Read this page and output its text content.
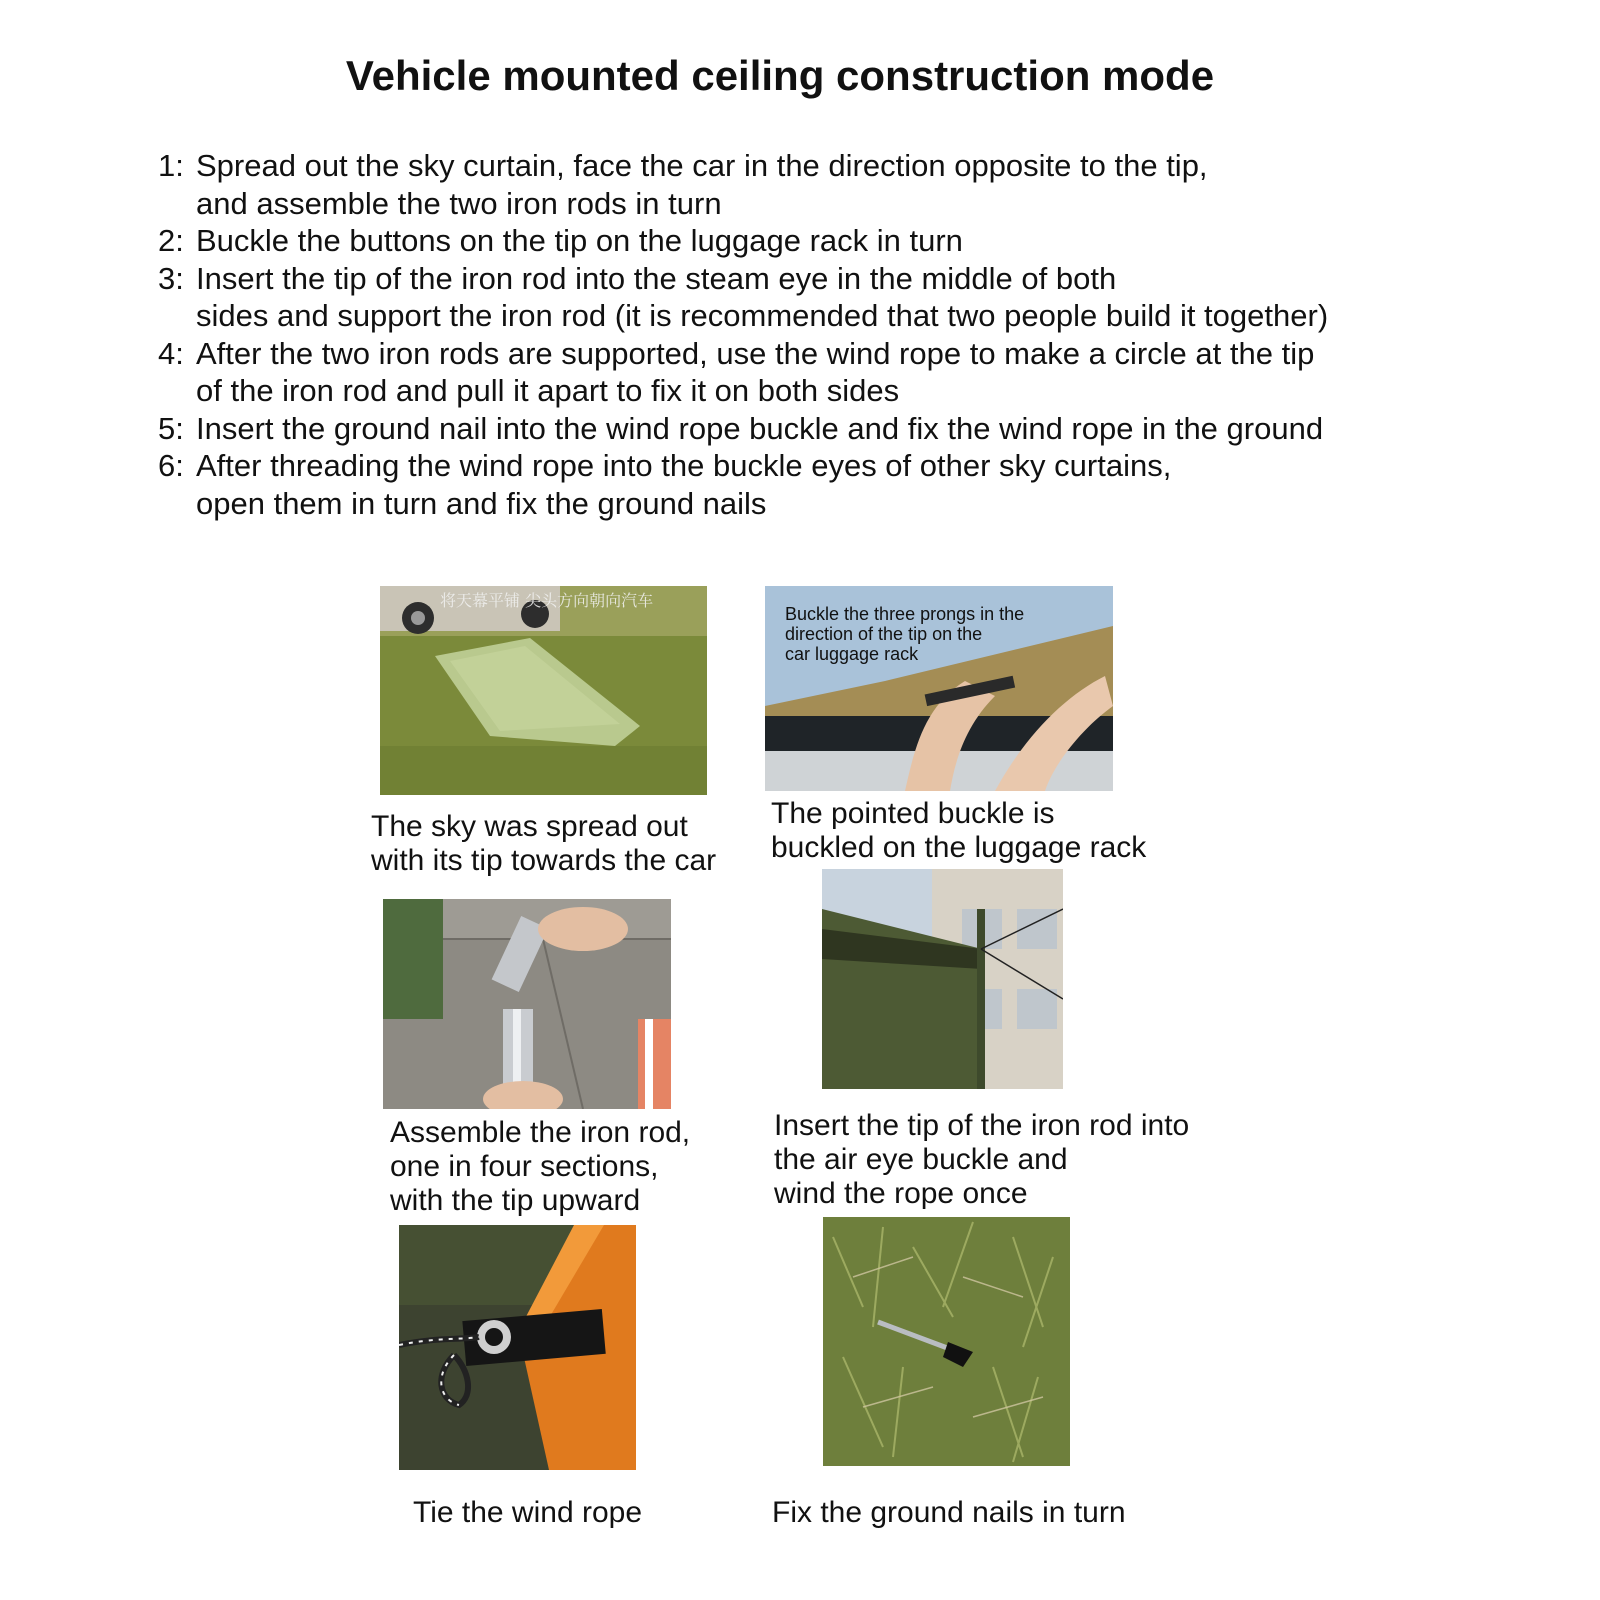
Vehicle mounted ceiling construction mode
1: Spread out the sky curtain, face the car in the direction opposite to the tip,
and assemble the two iron rods in turn
2: Buckle the buttons on the tip on the luggage rack in turn
3: Insert the tip of the iron rod into the steam eye in the middle of both
sides and support the iron rod (it is recommended that two people build it together)
4: After the two iron rods are supported, use the wind rope to make a circle at the tip
of the iron rod and pull it apart to fix it on both sides
5: Insert the ground nail into the wind rope buckle and fix the wind rope in the ground
6: After threading the wind rope into the buckle eyes of other sky curtains,
open them in turn and fix the ground nails
将天幕平铺 尖头方向朝向汽车
The sky was spread out
with its tip towards the car
Buckle the three prongs in the
direction of the tip on the
car luggage rack
The pointed buckle is
buckled on the luggage rack
Assemble the iron rod,
one in four sections,
with the tip upward
Insert the tip of the iron rod into
the air eye buckle and
wind the rope once
Tie the wind rope	Fix the ground nails in turn
